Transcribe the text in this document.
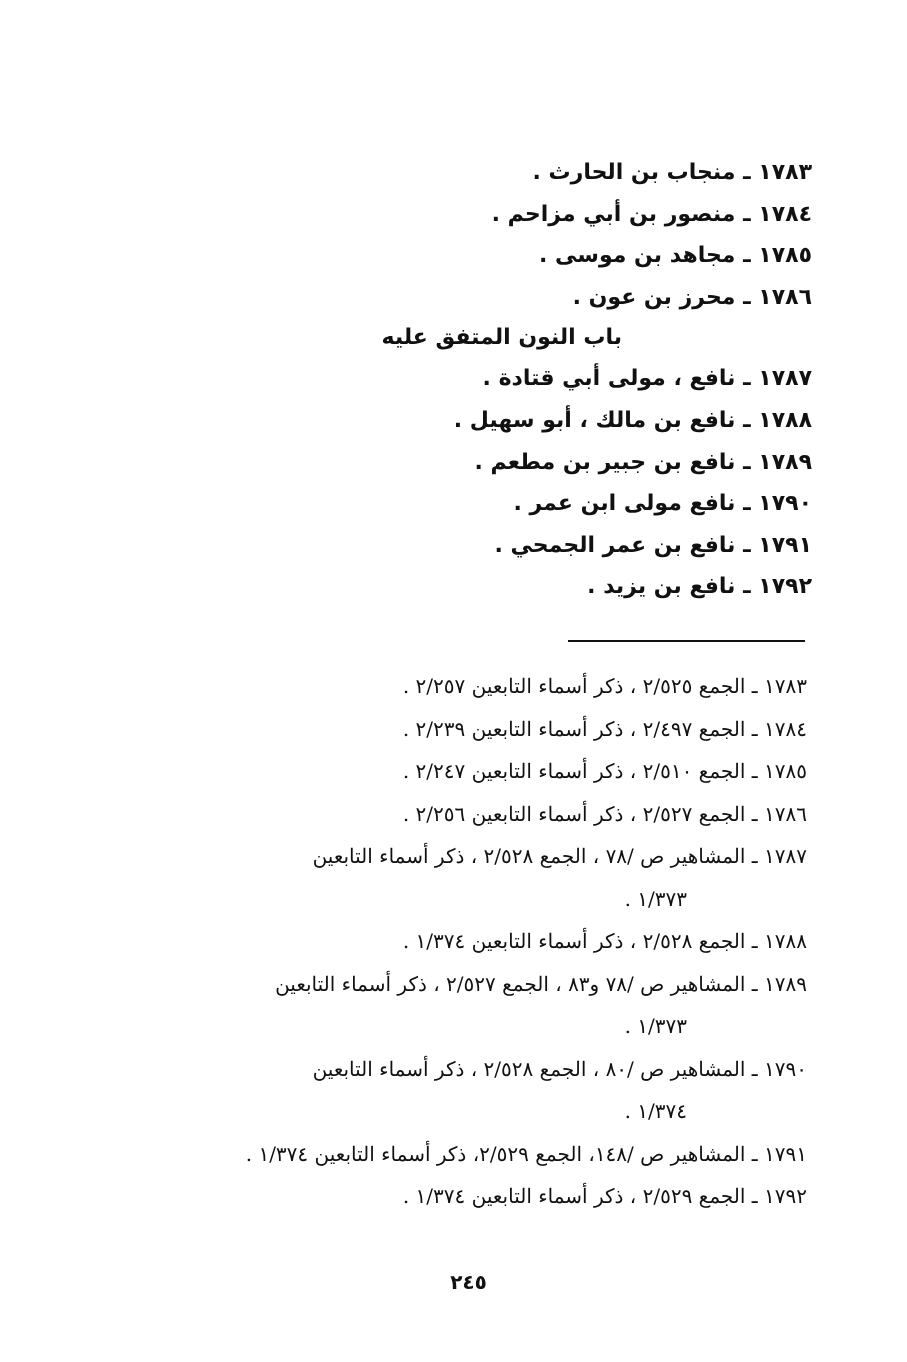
١٧٨٣ ـ منجاب بن الحارث .
١٧٨٤ ـ منصور بن أبي مزاحم .
١٧٨٥ ـ مجاهد بن موسى .
١٧٨٦ ـ محرز بن عون .
باب النون المتفق عليه
١٧٨٧ ـ نافع ، مولى أبي قتادة .
١٧٨٨ ـ نافع بن مالك ، أبو سهيل .
١٧٨٩ ـ نافع بن جبير بن مطعم .
١٧٩٠ ـ نافع مولى ابن عمر .
١٧٩١ ـ نافع بن عمر الجمحي .
١٧٩٢ ـ نافع بن يزيد .
١٧٨٣ ـ الجمع ٢/٥٢٥ ، ذكر أسماء التابعين ٢/٢٥٧ .
١٧٨٤ ـ الجمع ٢/٤٩٧ ، ذكر أسماء التابعين ٢/٢٣٩ .
١٧٨٥ ـ الجمع ٢/٥١٠ ، ذكر أسماء التابعين ٢/٢٤٧ .
١٧٨٦ ـ الجمع ٢/٥٢٧ ، ذكر أسماء التابعين ٢/٢٥٦ .
١٧٨٧ ـ المشاهير ص /٧٨ ، الجمع ٢/٥٢٨ ، ذكر أسماء التابعين
١/٣٧٣ .
١٧٨٨ ـ الجمع ٢/٥٢٨ ، ذكر أسماء التابعين ١/٣٧٤ .
١٧٨٩ ـ المشاهير ص /٧٨ و٨٣ ، الجمع ٢/٥٢٧ ، ذكر أسماء التابعين
١/٣٧٣ .
١٧٩٠ ـ المشاهير ص /٨٠ ، الجمع ٢/٥٢٨ ، ذكر أسماء التابعين
١/٣٧٤ .
١٧٩١ ـ المشاهير ص /١٤٨، الجمع ٢/٥٢٩، ذكر أسماء التابعين ١/٣٧٤ .
١٧٩٢ ـ الجمع ٢/٥٢٩ ، ذكر أسماء التابعين ١/٣٧٤ .
٢٤٥
